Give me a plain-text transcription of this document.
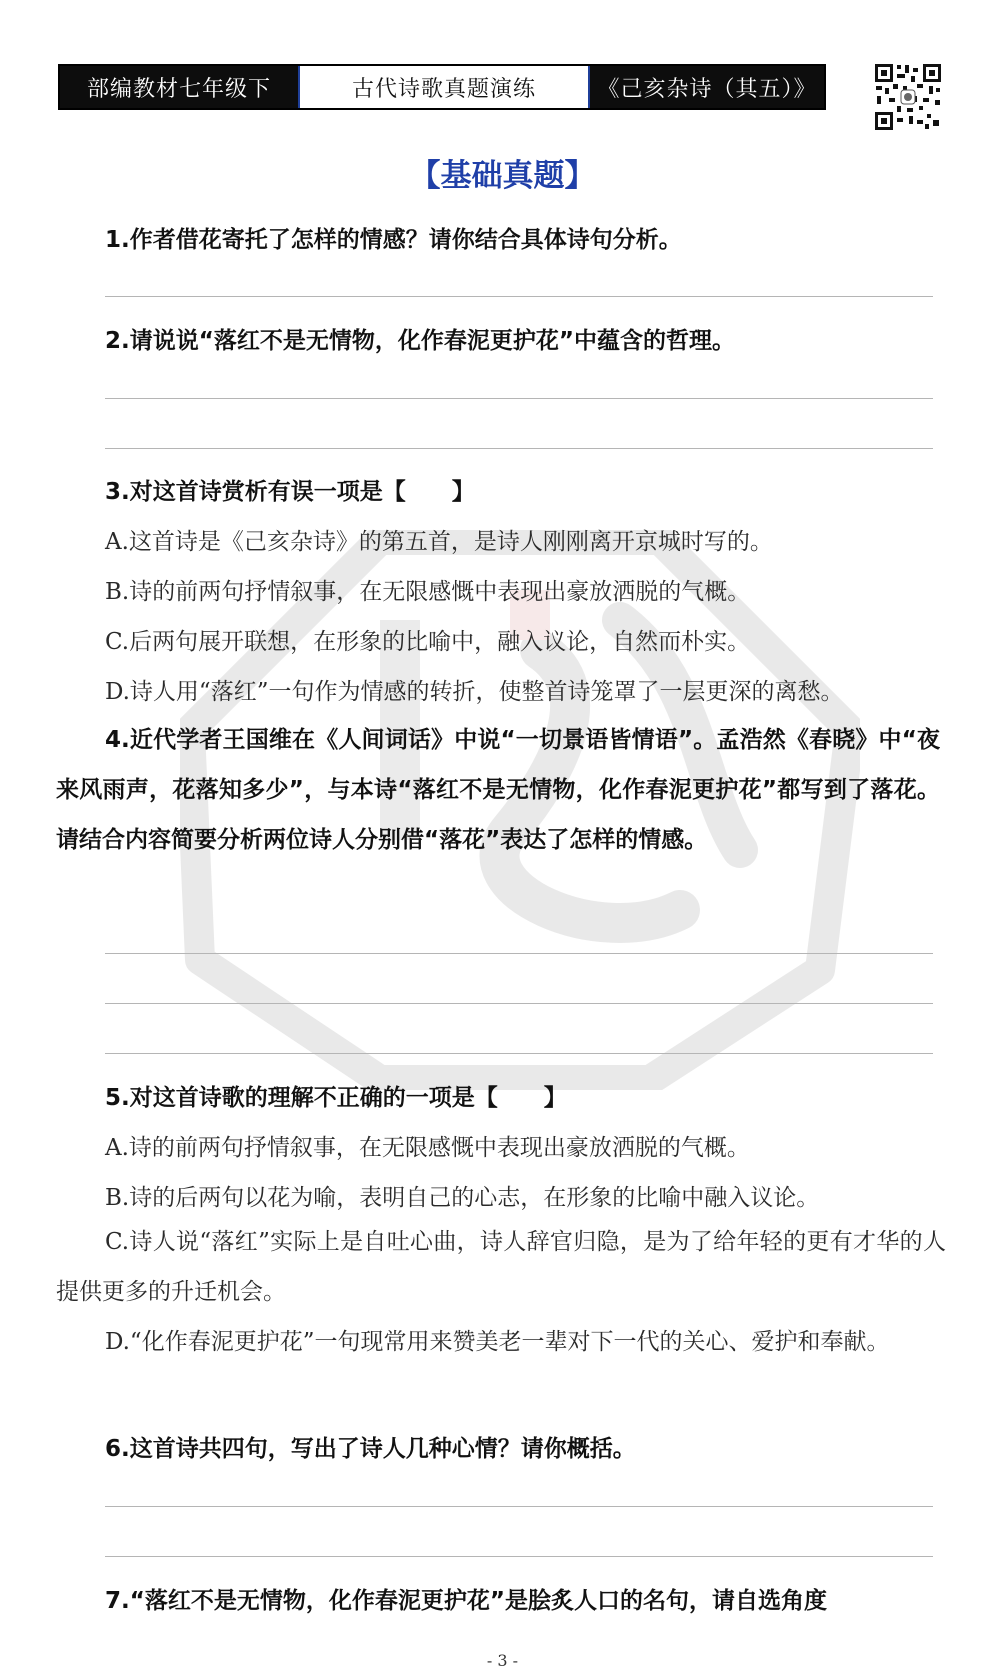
部编教材七年级下	古代诗歌真题演练	《己亥杂诗（其五）》
【基础真题】
1.作者借花寄托了怎样的情感？请你结合具体诗句分析。
2.请说说“落红不是无情物，化作春泥更护花”中蕴含的哲理。
3.对这首诗赏析有误一项是【　　】
A.这首诗是《己亥杂诗》的第五首，是诗人刚刚离开京城时写的。
B.诗的前两句抒情叙事，在无限感慨中表现出豪放洒脱的气概。
C.后两句展开联想，在形象的比喻中，融入议论，自然而朴实。
D.诗人用“落红”一句作为情感的转折，使整首诗笼罩了一层更深的离愁。
4.近代学者王国维在《人间词话》中说“一切景语皆情语”。孟浩然《春晓》中“夜来风雨声，花落知多少”，与本诗“落红不是无情物，化作春泥更护花”都写到了落花。请结合内容简要分析两位诗人分别借“落花”表达了怎样的情感。
5.对这首诗歌的理解不正确的一项是【　　】
A.诗的前两句抒情叙事，在无限感慨中表现出豪放洒脱的气概。
B.诗的后两句以花为喻，表明自己的心志，在形象的比喻中融入议论。
C.诗人说“落红”实际上是自吐心曲，诗人辞官归隐，是为了给年轻的更有才华的人提供更多的升迁机会。
D.“化作春泥更护花”一句现常用来赞美老一辈对下一代的关心、爱护和奉献。
6.这首诗共四句，写出了诗人几种心情？请你概括。
7.“落红不是无情物，化作春泥更护花”是脍炙人口的名句，请自选角度
- 3 -
